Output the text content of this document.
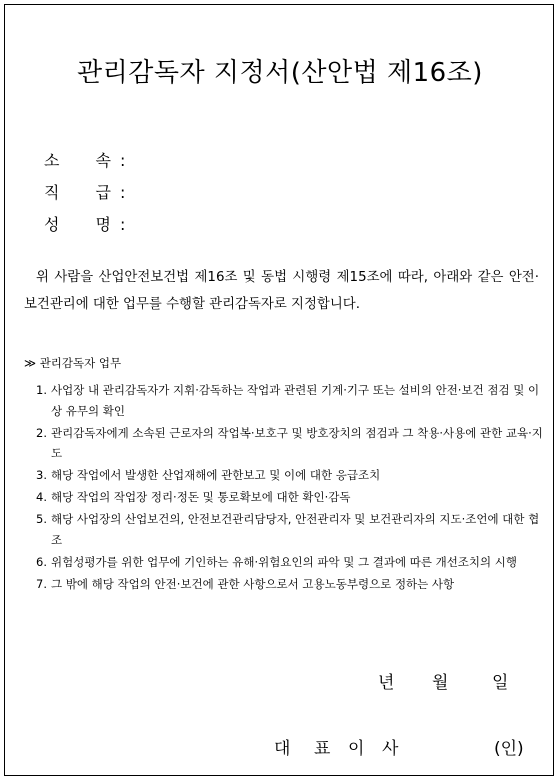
관리감독자 지정서(산안법 제16조)
소 속 :
직 급 :
성 명 :
위 사람을 산업안전보건법 제16조 및 동법 시행령 제15조에 따라, 아래와 같은 안전·보건관리에 대한 업무를 수행할 관리감독자로 지정합니다.
≫ 관리감독자 업무
1. 사업장 내 관리감독자가 지휘·감독하는 작업과 관련된 기계·기구 또는 설비의 안전·보건 점검 및 이상 유무의 확인
2. 관리감독자에게 소속된 근로자의 작업복·보호구 및 방호장치의 점검과 그 착용·사용에 관한 교육·지도
3. 해당 작업에서 발생한 산업재해에 관한보고 및 이에 대한 응급조치
4. 해당 작업의 작업장 정리·정돈 및 통로확보에 대한 확인·감독
5. 해당 사업장의 산업보건의, 안전보건관리담당자, 안전관리자 및 보건관리자의 지도·조언에 대한 협조
6. 위험성평가를 위한 업무에 기인하는 유해·위험요인의 파악 및 그 결과에 따른 개선조치의 시행
7. 그 밖에 해당 작업의 안전·보건에 관한 사항으로서 고용노동부령으로 정하는 사항
년 월	일
대 표 이 사	(인)
